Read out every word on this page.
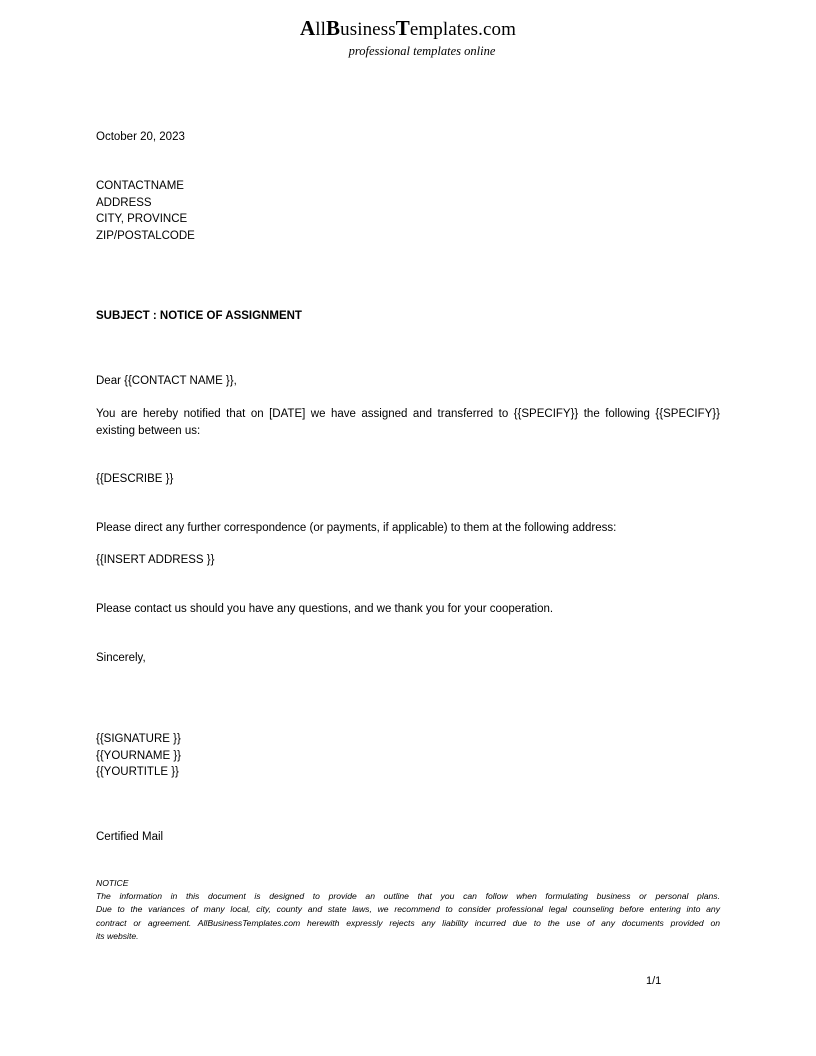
AllBusinessTemplates.com
professional templates online
October 20, 2023
CONTACTNAME
ADDRESS
CITY, PROVINCE
ZIP/POSTALCODE
SUBJECT : NOTICE OF ASSIGNMENT
Dear {{CONTACT NAME }},
You are hereby notified that on [DATE] we have assigned and transferred to {{SPECIFY}} the following {{SPECIFY}}
existing between us:
{{DESCRIBE }}
Please direct any further correspondence (or payments, if applicable) to them at the following address:
{{INSERT ADDRESS }}
Please contact us should you have any questions, and we thank you for your cooperation.
Sincerely,
{{SIGNATURE }}
{{YOURNAME }}
{{YOURTITLE }}
Certified Mail
NOTICE
The information in this document is designed to provide an outline that you can follow when formulating business or personal plans.
Due to the variances of many local, city, county and state laws, we recommend to consider professional legal counseling before entering into any
contract or agreement. AllBusinessTemplates.com herewith expressly rejects any liability incurred due to the use of any documents provided on
its website.
1/1
